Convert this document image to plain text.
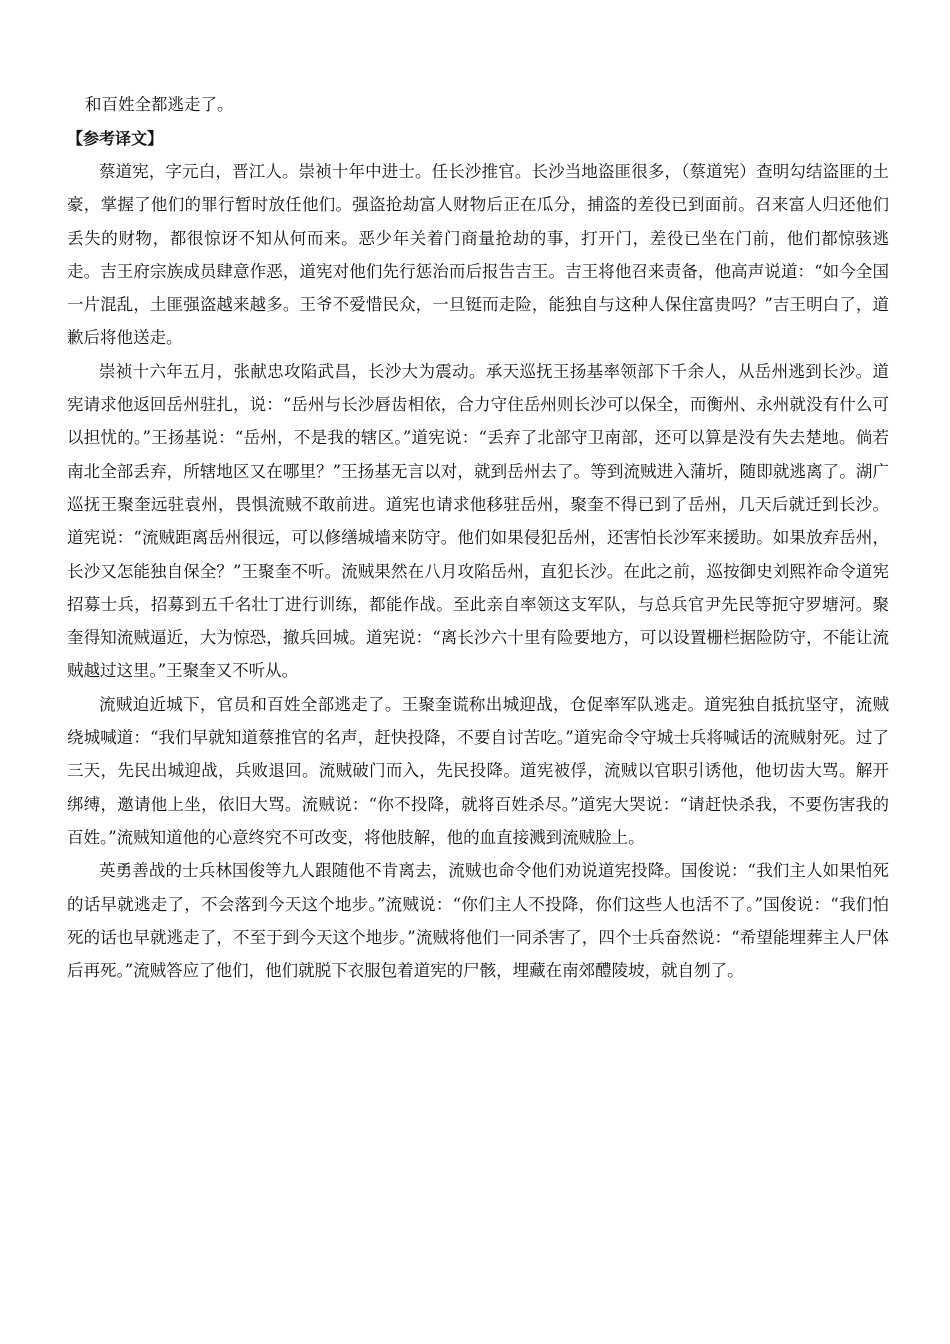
和百姓全都逃走了。
【参考译文】

蔡道宪，字元白，晋江人。崇祯十年中进士。任长沙推官。长沙当地盗匪很多，（蔡道宪）查明勾结盗匪的土豪，掌握了他们的罪行暂时放任他们。强盗抢劫富人财物后正在瓜分，捕盗的差役已到面前。召来富人归还他们丢失的财物，都很惊讶不知从何而来。恶少年关着门商量抢劫的事，打开门，差役已坐在门前，他们都惊骇逃走。吉王府宗族成员肆意作恶，道宪对他们先行惩治而后报告吉王。吉王将他召来责备，他高声说道：“如今全国一片混乱，土匪强盗越来越多。王爷不爱惜民众，一旦铤而走险，能独自与这种人保住富贵吗？”吉王明白了，道歉后将他送走。

崇祯十六年五月，张献忠攻陷武昌，长沙大为震动。承天巡抚王扬基率领部下千余人，从岳州逃到长沙。道宪请求他返回岳州驻扎，说：“岳州与长沙唇齿相依，合力守住岳州则长沙可以保全，而衡州、永州就没有什么可以担忧的。”王扬基说：“岳州，不是我的辖区。”道宪说：“丢弃了北部守卫南部，还可以算是没有失去楚地。倘若南北全部丢弃，所辖地区又在哪里？”王扬基无言以对，就到岳州去了。等到流贼进入蒲圻，随即就逃离了。湖广巡抚王聚奎远驻袁州，畏惧流贼不敢前进。道宪也请求他移驻岳州，聚奎不得已到了岳州，几天后就迁到长沙。道宪说：“流贼距离岳州很远，可以修缮城墙来防守。他们如果侵犯岳州，还害怕长沙军来援助。如果放弃岳州，长沙又怎能独自保全？”王聚奎不听。流贼果然在八月攻陷岳州，直犯长沙。在此之前，巡按御史刘熙祚命令道宪招募士兵，招募到五千名壮丁进行训练，都能作战。至此亲自率领这支军队，与总兵官尹先民等扼守罗塘河。聚奎得知流贼逼近，大为惊恐，撤兵回城。道宪说：“离长沙六十里有险要地方，可以设置栅栏据险防守，不能让流贼越过这里。”王聚奎又不听从。

流贼迫近城下，官员和百姓全部逃走了。王聚奎谎称出城迎战，仓促率军队逃走。道宪独自抵抗坚守，流贼绕城喊道：“我们早就知道蔡推官的名声，赶快投降，不要自讨苦吃。”道宪命令守城士兵将喊话的流贼射死。过了三天，先民出城迎战，兵败退回。流贼破门而入，先民投降。道宪被俘，流贼以官职引诱他，他切齿大骂。解开绑缚，邀请他上坐，依旧大骂。流贼说：“你不投降，就将百姓杀尽。”道宪大哭说：“请赶快杀我，不要伤害我的百姓。”流贼知道他的心意终究不可改变，将他肢解，他的血直接溅到流贼脸上。

英勇善战的士兵林国俊等九人跟随他不肯离去，流贼也命令他们劝说道宪投降。国俊说：“我们主人如果怕死的话早就逃走了，不会落到今天这个地步。”流贼说：“你们主人不投降，你们这些人也活不了。”国俊说：“我们怕死的话也早就逃走了，不至于到今天这个地步。”流贼将他们一同杀害了，四个士兵奋然说：“希望能埋葬主人尸体后再死。”流贼答应了他们，他们就脱下衣服包着道宪的尸骸，埋藏在南郊醴陵坡，就自刎了。
